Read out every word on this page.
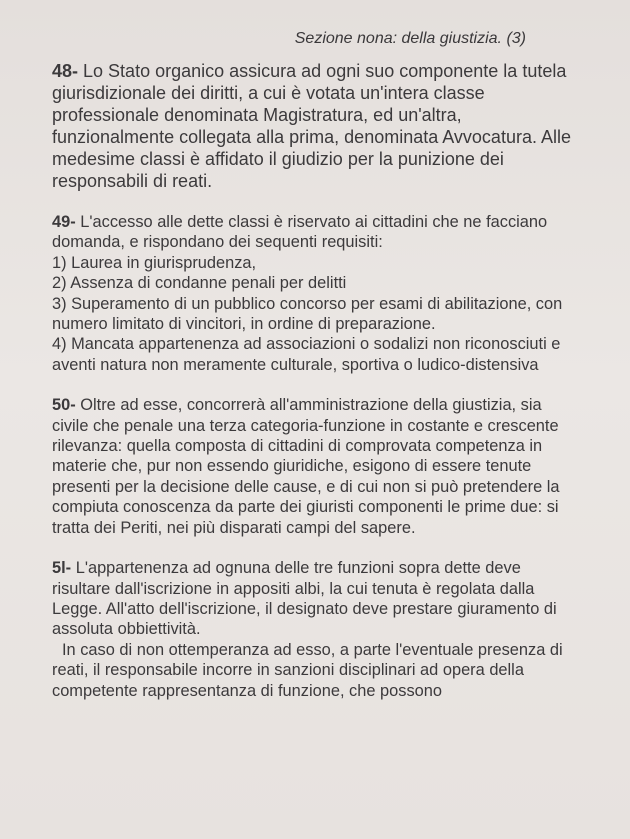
Sezione nona: della giustizia. (3)

48- Lo Stato organico assicura ad ogni suo componente la tutela giurisdizionale dei diritti, a cui è votata un'intera classe professionale denominata Magistratura, ed un'altra, funzionalmente collegata alla prima, denominata Avvocatura. Alle medesime classi è affidato il giudizio per la punizione dei responsabili di reati.

49- L'accesso alle dette classi è riservato ai cittadini che ne facciano domanda, e rispondano dei sequenti requisiti:

1) Laurea in giurisprudenza,
2) Assenza di condanne penali per delitti
3) Superamento di un pubblico concorso per esami di abilitazione, con numero limitato di vincitori, in ordine di preparazione.
4) Mancata appartenenza ad associazioni o sodalizi non riconosciuti e aventi natura non meramente culturale, sportiva o ludico-distensiva

50- Oltre ad esse, concorrerà all'amministrazione della giustizia, sia civile che penale una terza categoria-funzione in costante e crescente rilevanza: quella composta di cittadini di comprovata competenza in materie che, pur non essendo giuridiche, esigono di essere tenute presenti per la decisione delle cause, e di cui non si può pretendere la compiuta conoscenza da parte dei giuristi componenti le prime due: si tratta dei Periti, nei più disparati campi del sapere.

5l- L'appartenenza ad ognuna delle tre funzioni sopra dette deve risultare dall'iscrizione in appositi albi, la cui tenuta è regolata dalla Legge. All'atto dell'iscrizione, il designato deve prestare giuramento di assoluta obbiettività.

In caso di non ottemperanza ad esso, a parte l'eventuale presenza di reati, il responsabile incorre in sanzioni disciplinari ad opera della competente rappresentanza di funzione, che possono
